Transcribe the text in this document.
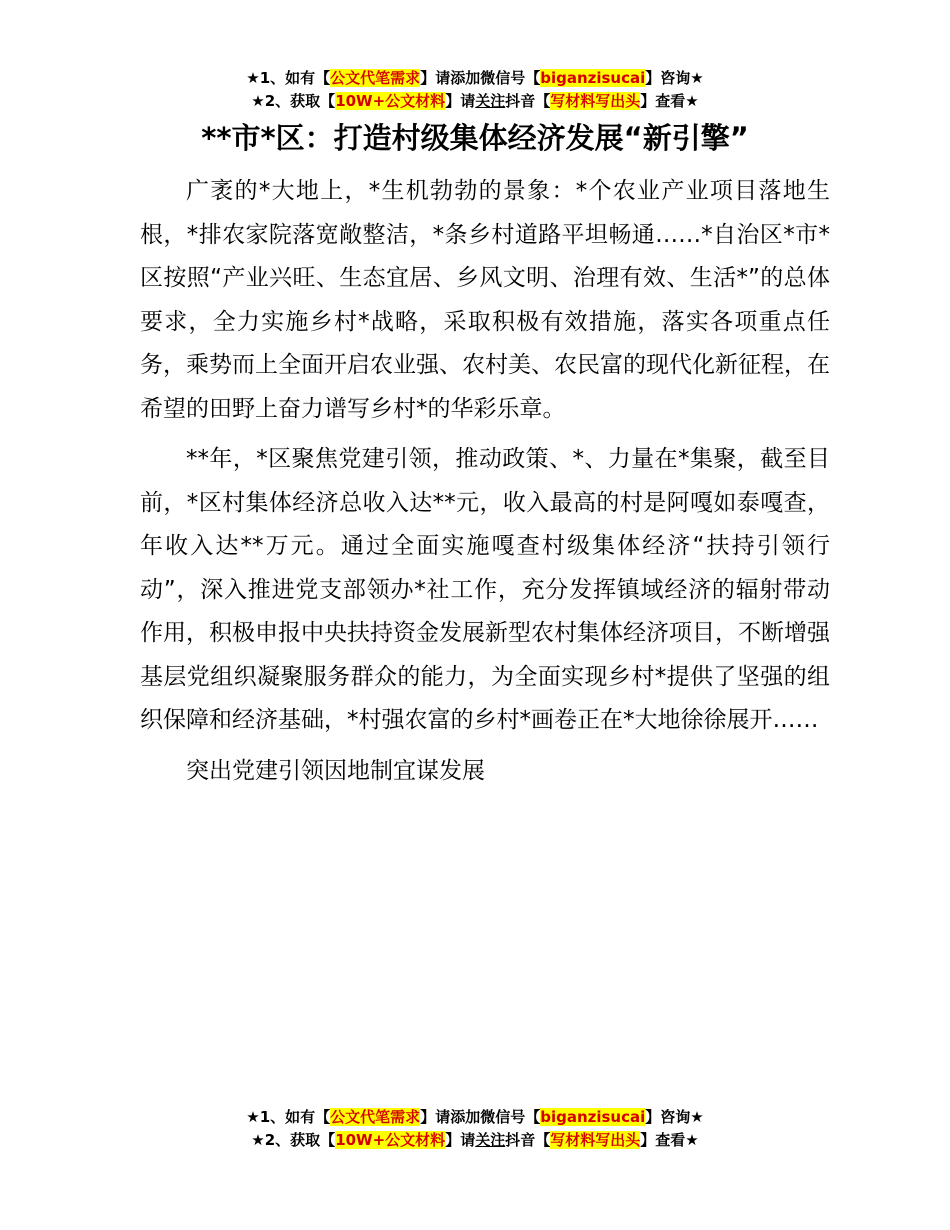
★1、如有【公文代笔需求】请添加微信号【biganzisucai】咨询★
★2、获取【10W+公文材料】请关注抖音【写材料写出头】查看★
**市*区：打造村级集体经济发展“新引擎”

广袤的*大地上，*生机勃勃的景象：*个农业产业项目落地生根，*排农家院落宽敞整洁，*条乡村道路平坦畅通……*自治区*市*区按照“产业兴旺、生态宜居、乡风文明、治理有效、生活*”的总体要求，全力实施乡村*战略，采取积极有效措施，落实各项重点任务，乘势而上全面开启农业强、农村美、农民富的现代化新征程，在希望的田野上奋力谱写乡村*的华彩乐章。

**年，*区聚焦党建引领，推动政策、*、力量在*集聚，截至目前，*区村集体经济总收入达**元，收入最高的村是阿嘎如泰嘎查，年收入达**万元。通过全面实施嘎查村级集体经济“扶持引领行动”，深入推进党支部领办*社工作，充分发挥镇域经济的辐射带动作用，积极申报中央扶持资金发展新型农村集体经济项目，不断增强基层党组织凝聚服务群众的能力，为全面实现乡村*提供了坚强的组织保障和经济基础，*村强农富的乡村*画卷正在*大地徐徐展开……

突出党建引领因地制宜谋发展

★1、如有【公文代笔需求】请添加微信号【biganzisucai】咨询★
★2、获取【10W+公文材料】请关注抖音【写材料写出头】查看★
